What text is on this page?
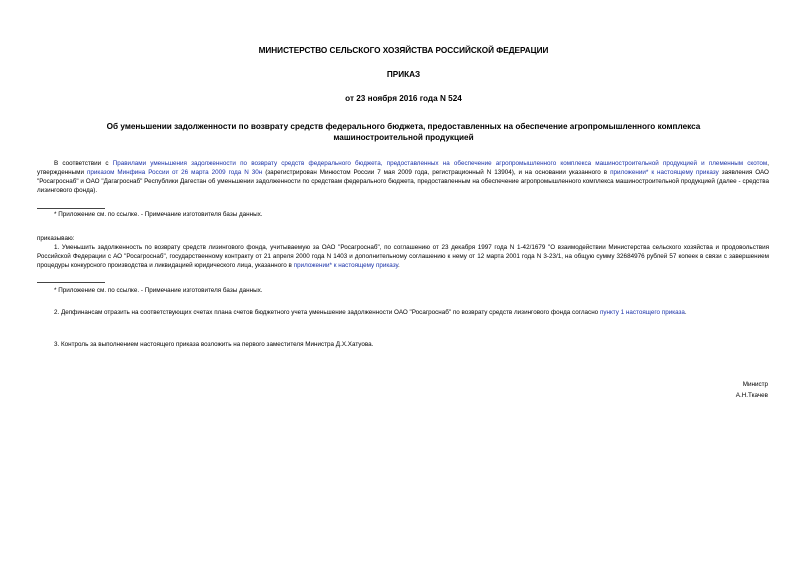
МИНИСТЕРСТВО СЕЛЬСКОГО ХОЗЯЙСТВА РОССИЙСКОЙ ФЕДЕРАЦИИ
ПРИКАЗ
от 23 ноября 2016 года N 524
Об уменьшении задолженности по возврату средств федерального бюджета, предоставленных на обеспечение агропромышленного комплекса
машиностроительной продукцией
В соответствии с Правилами уменьшения задолженности по возврату средств федерального бюджета, предоставленных на обеспечение агропромышленного комплекса машиностроительной продукцией и племенным скотом, утвержденными приказом Минфина России от 26 марта 2009 года N 30н (зарегистрирован Минюстом России 7 мая 2009 года, регистрационный N 13904), и на основании указанного в приложении* к настоящему приказу заявления ОАО "Росагроснаб" и ОАО "Дагагроснаб" Республики Дагестан об уменьшении задолженности по средствам федерального бюджета, предоставленным на обеспечение агропромышленного комплекса машиностроительной продукцией (далее - средства лизингового фонда).
* Приложение см. по ссылке. - Примечание изготовителя базы данных.
приказываю:
1. Уменьшить задолженность по возврату средств лизингового фонда, учитываемую за ОАО "Росагроснаб", по соглашению от 23 декабря 1997 года N 1-42/1679 "О взаимодействии Министерства сельского хозяйства и продовольствия Российской Федерации с АО "Росагроснаб", государственному контракту от 21 апреля 2000 года N 1403 и дополнительному соглашению к нему от 12 марта 2001 года N 3-23/1, на общую сумму 32684976 рублей 57 копеек в связи с завершением процедуры конкурсного производства и ликвидацией юридического лица, указанного в приложении* к настоящему приказу.
* Приложение см. по ссылке. - Примечание изготовителя базы данных.
2. Депфинансам отразить на соответствующих счетах плана счетов бюджетного учета уменьшение задолженности ОАО "Росагроснаб" по возврату средств лизингового фонда согласно пункту 1 настоящего приказа.
3. Контроль за выполнением настоящего приказа возложить на первого заместителя Министра Д.Х.Хатуова.
Министр
А.Н.Ткачев
